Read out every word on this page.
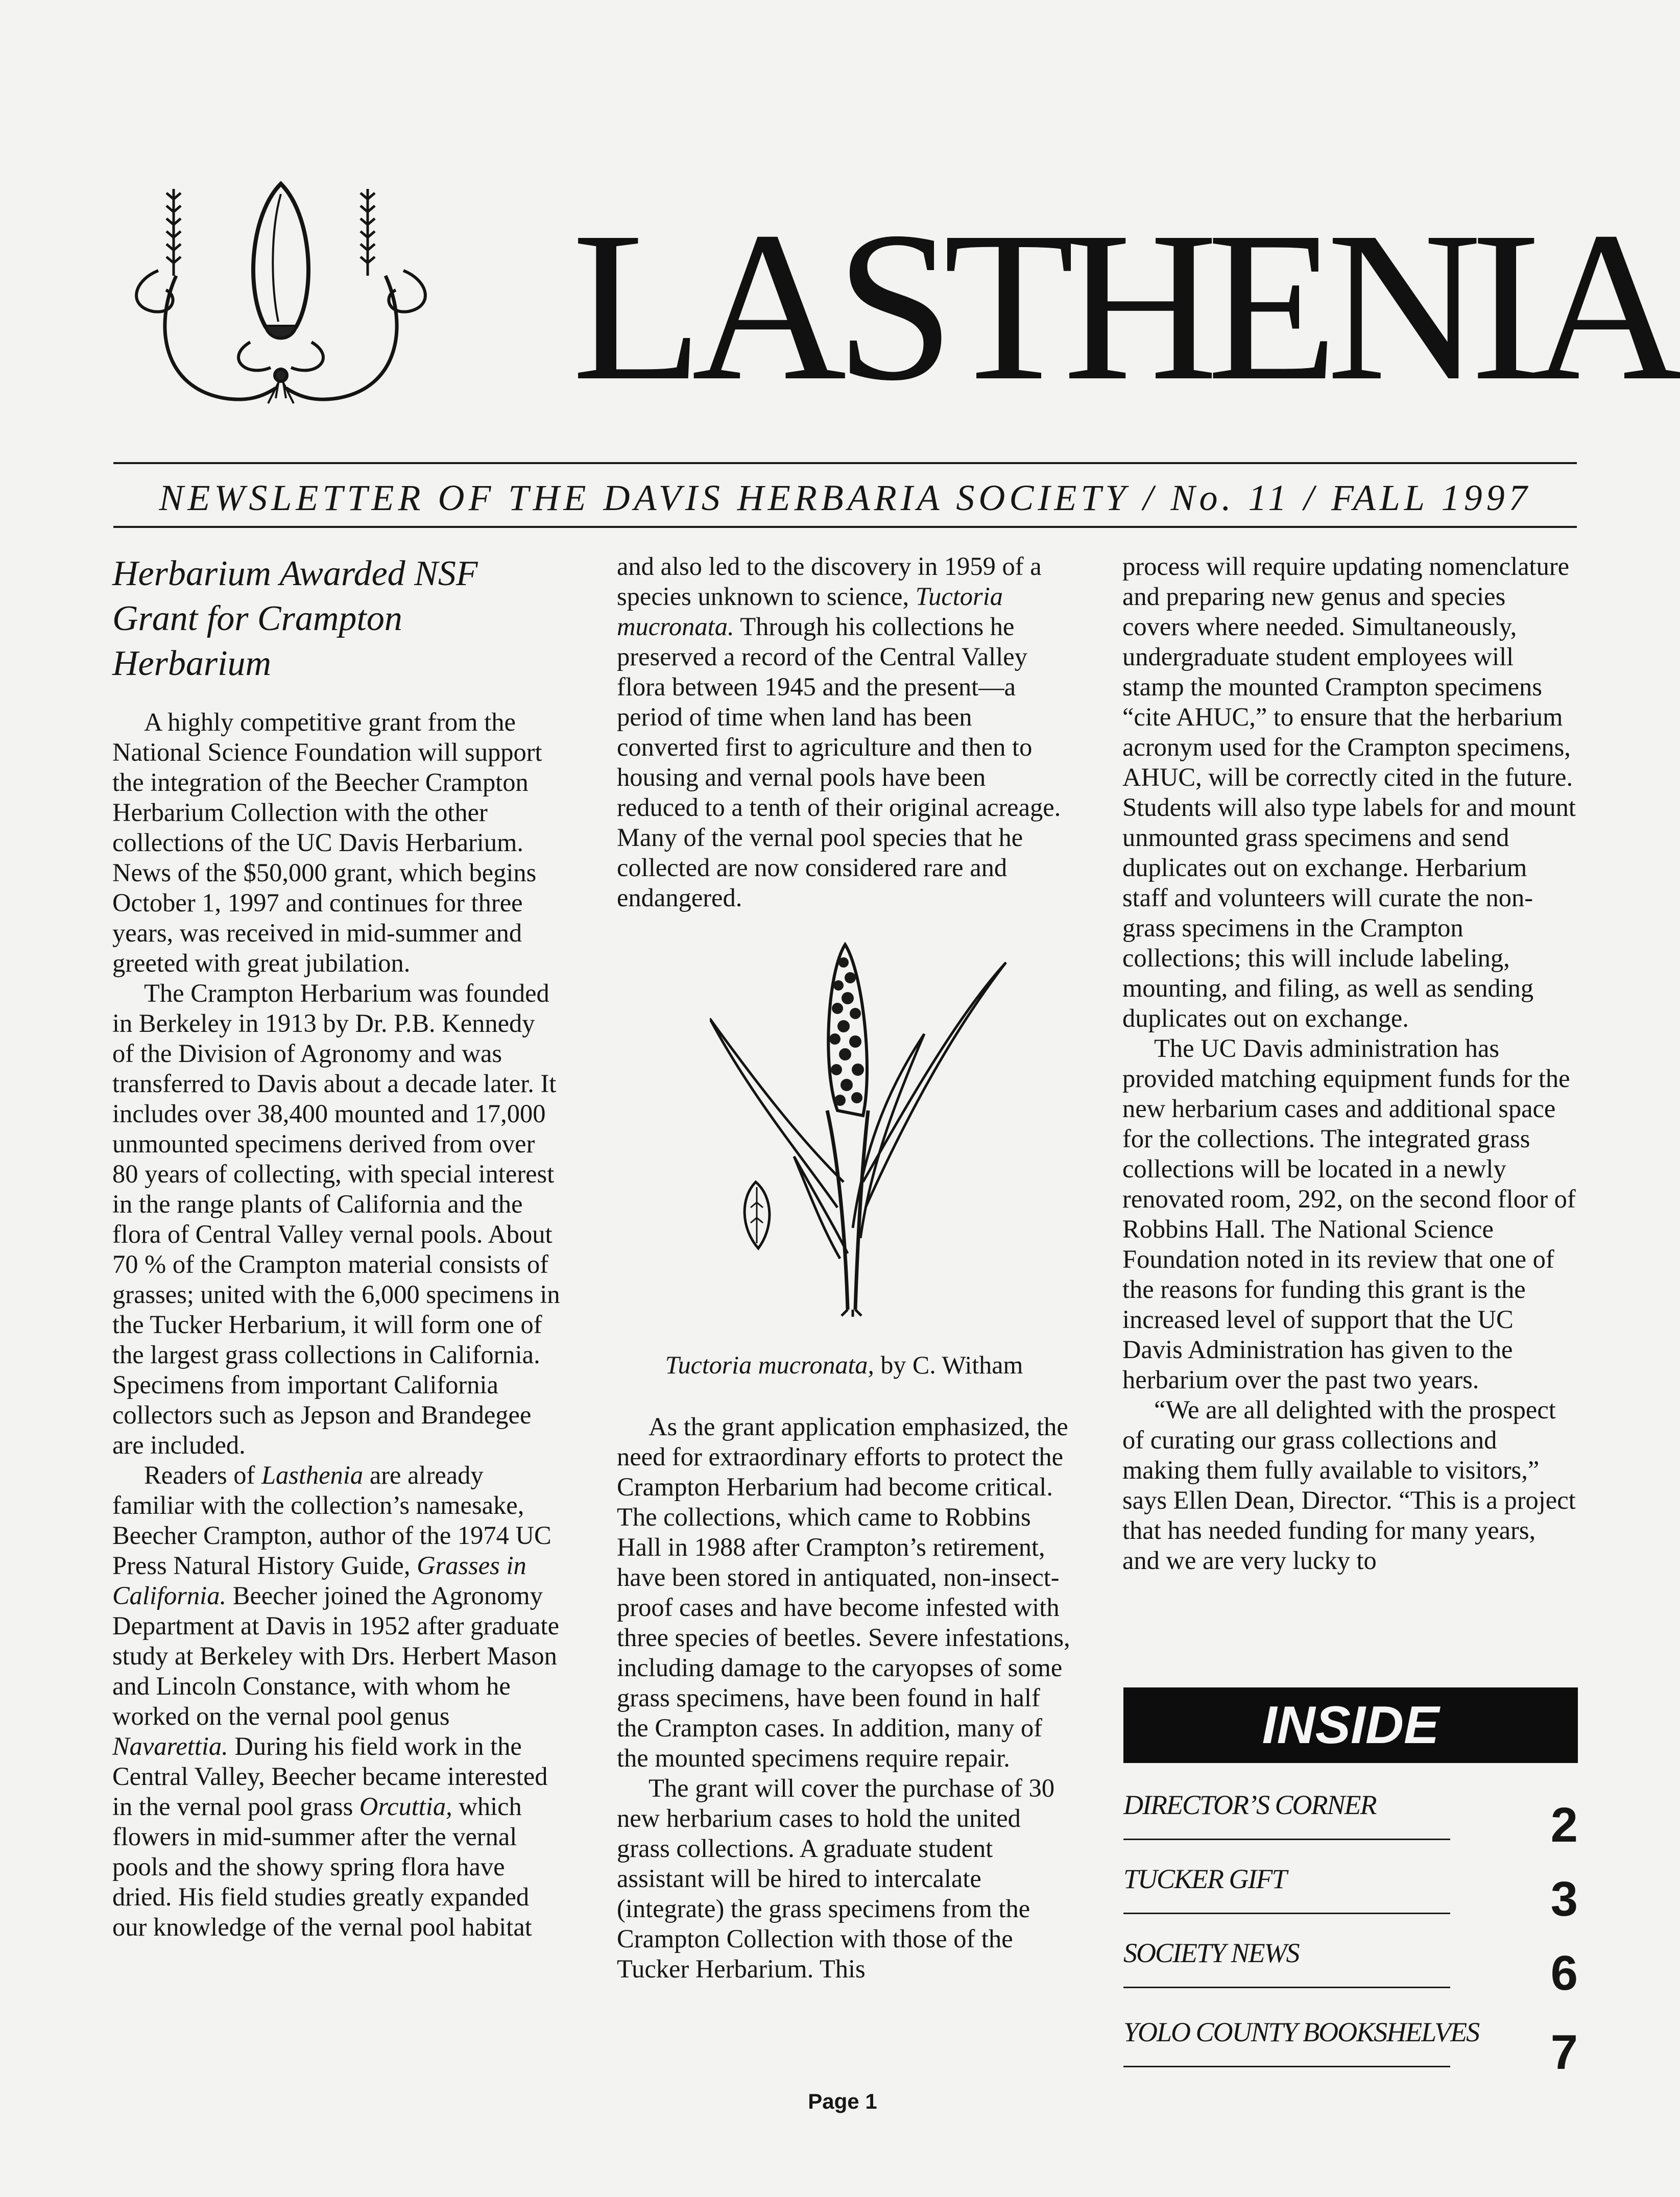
LASTHENIA
NEWSLETTER OF THE DAVIS HERBARIA SOCIETY / No. 11 / FALL 1997
Herbarium Awarded NSF Grant for Crampton Herbarium

A highly competitive grant from the National Science Foundation will support the integration of the Beecher Crampton Herbarium Collection with the other collections of the UC Davis Herbarium. News of the $50,000 grant, which begins October 1, 1997 and continues for three years, was received in mid-summer and greeted with great jubilation.

The Crampton Herbarium was founded in Berkeley in 1913 by Dr. P.B. Kennedy of the Division of Agronomy and was transferred to Davis about a decade later. It includes over 38,400 mounted and 17,000 unmounted specimens derived from over 80 years of collecting, with special interest in the range plants of California and the flora of Central Valley vernal pools. About 70 % of the Crampton material consists of grasses; united with the 6,000 specimens in the Tucker Herbarium, it will form one of the largest grass collections in California. Specimens from important California collectors such as Jepson and Brandegee are included.

Readers of Lasthenia are already familiar with the collection’s namesake, Beecher Crampton, author of the 1974 UC Press Natural History Guide, Grasses in California. Beecher joined the Agronomy Department at Davis in 1952 after graduate study at Berkeley with Drs. Herbert Mason and Lincoln Constance, with whom he worked on the vernal pool genus Navarettia. During his field work in the Central Valley, Beecher became interested in the vernal pool grass Orcuttia, which flowers in mid-summer after the vernal pools and the showy spring flora have dried. His field studies greatly expanded our knowledge of the vernal pool habitat

and also led to the discovery in 1959 of a species unknown to science, Tuctoria mucronata. Through his collections he preserved a record of the Central Valley flora between 1945 and the present—a period of time when land has been converted first to agriculture and then to housing and vernal pools have been reduced to a tenth of their original acreage. Many of the vernal pool species that he collected are now considered rare and endangered.

Tuctoria mucronata, by C. Witham

As the grant application emphasized, the need for extraordinary efforts to protect the Crampton Herbarium had become critical. The collections, which came to Robbins Hall in 1988 after Crampton’s retirement, have been stored in antiquated, non-insect-proof cases and have become infested with three species of beetles. Severe infestations, including damage to the caryopses of some grass specimens, have been found in half the Crampton cases. In addition, many of the mounted specimens require repair.

The grant will cover the purchase of 30 new herbarium cases to hold the united grass collections. A graduate student assistant will be hired to intercalate (integrate) the grass specimens from the Crampton Collection with those of the Tucker Herbarium. This

process will require updating nomenclature and preparing new genus and species covers where needed. Simultaneously, undergraduate student employees will stamp the mounted Crampton specimens “cite AHUC,” to ensure that the herbarium acronym used for the Crampton specimens, AHUC, will be correctly cited in the future. Students will also type labels for and mount unmounted grass specimens and send duplicates out on exchange. Herbarium staff and volunteers will curate the non-grass specimens in the Crampton collections; this will include labeling, mounting, and filing, as well as sending duplicates out on exchange.

The UC Davis administration has provided matching equipment funds for the new herbarium cases and additional space for the collections. The integrated grass collections will be located in a newly renovated room, 292, on the second floor of Robbins Hall. The National Science Foundation noted in its review that one of the reasons for funding this grant is the increased level of support that the UC Davis Administration has given to the herbarium over the past two years.

“We are all delighted with the prospect of curating our grass collections and making them fully available to visitors,” says Ellen Dean, Director. “This is a project that has needed funding for many years, and we are very lucky to

INSIDE
DIRECTOR’S CORNER	2
TUCKER GIFT	3
SOCIETY NEWS	6
YOLO COUNTY BOOKSHELVES 7
Page 1
